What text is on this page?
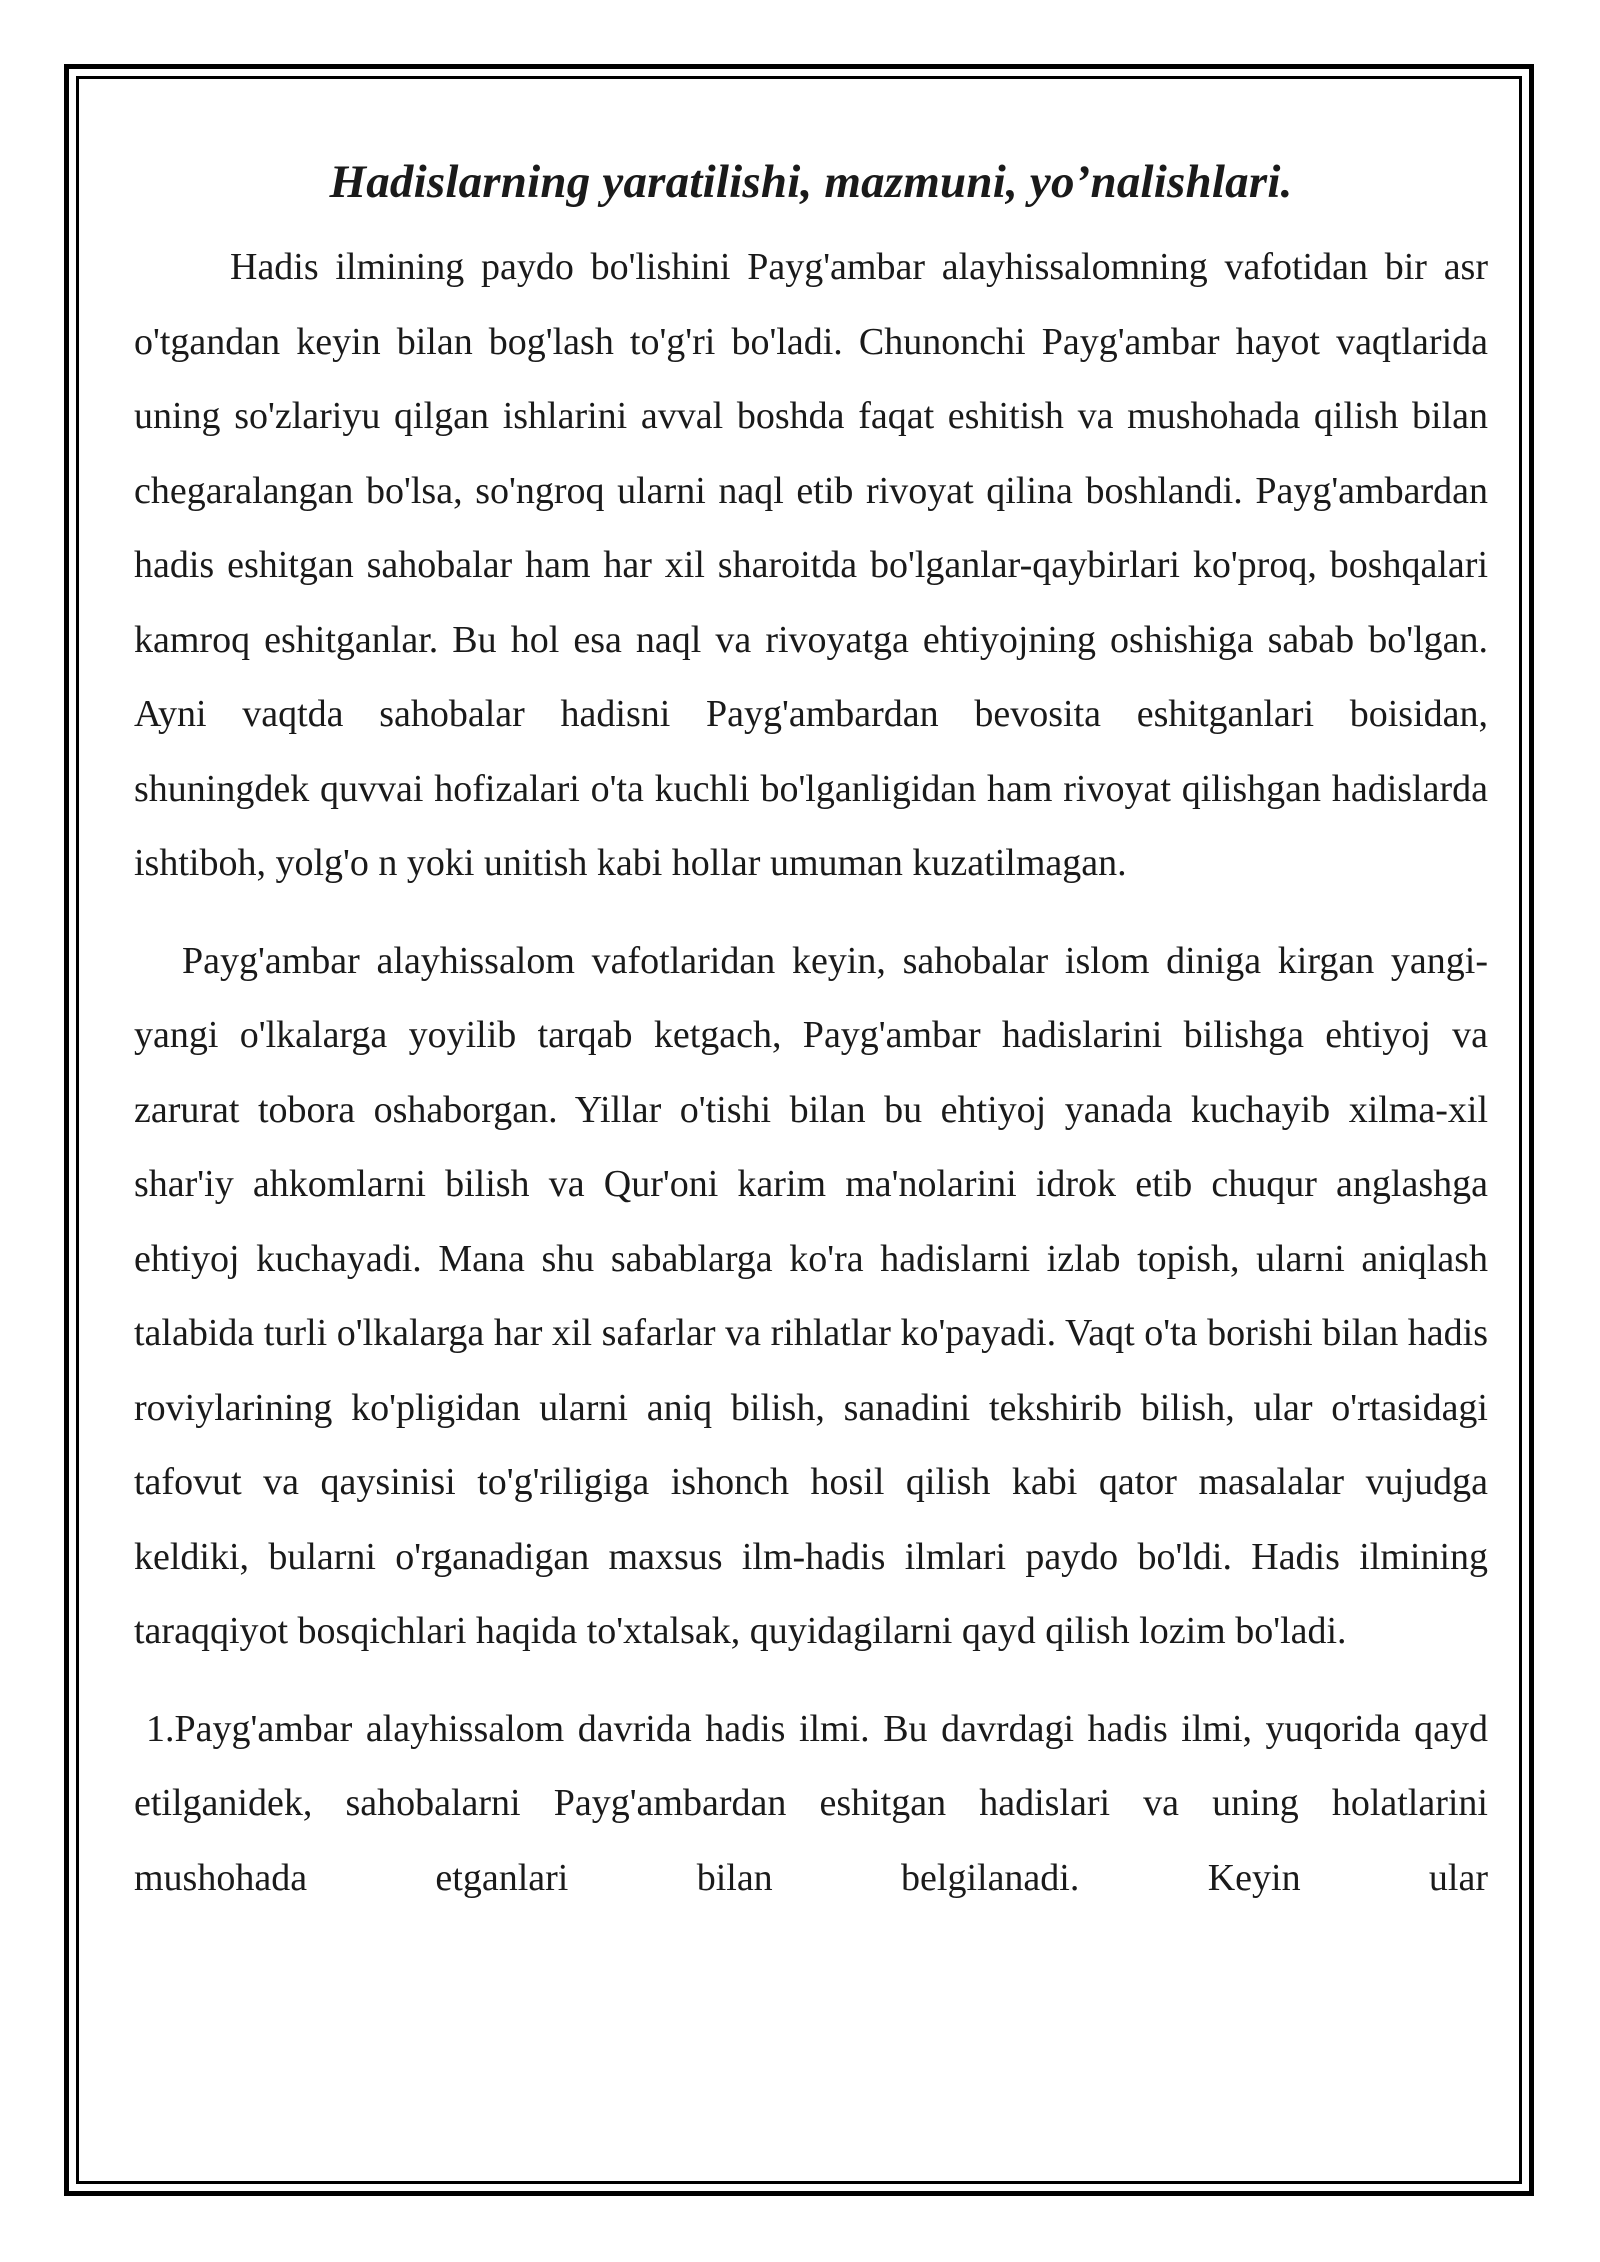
Hadislarning yaratilishi, mazmuni, yo’nalishlari.

Hadis ilmining paydo bo'lishini Payg'ambar alayhissalomning vafotidan bir asr o'tgandan keyin bilan bog'lash to'g'ri bo'ladi. Chunonchi Payg'ambar hayot vaqtlarida uning so'zlariyu qilgan ishlarini avval boshda faqat eshitish va mushohada qilish bilan chegaralangan bo'lsa, so'ngroq ularni naql etib rivoyat qilina boshlandi. Payg'ambardan hadis eshitgan sahobalar ham har xil sharoitda bo'lganlar-qaybirlari ko'proq, boshqalari kamroq eshitganlar. Bu hol esa naql va rivoyatga ehtiyojning oshishiga sabab bo'lgan. Ayni vaqtda sahobalar hadisni Payg'ambardan bevosita eshitganlari boisidan, shuningdek quvvai hofizalari o'ta kuchli bo'lganligidan ham rivoyat qilishgan hadislarda ishtiboh, yolg'o n yoki unitish kabi hollar umuman kuzatilmagan.

Payg'ambar alayhissalom vafotlaridan keyin, sahobalar islom diniga kirgan yangi-yangi o'lkalarga yoyilib tarqab ketgach, Payg'ambar hadislarini bilishga ehtiyoj va zarurat tobora oshaborgan. Yillar o'tishi bilan bu ehtiyoj yanada kuchayib xilma-xil shar'iy ahkomlarni bilish va Qur'oni karim ma'nolarini idrok etib chuqur anglashga ehtiyoj kuchayadi. Mana shu sabablarga ko'ra hadislarni izlab topish, ularni aniqlash talabida turli o'lkalarga har xil safarlar va rihlatlar ko'payadi. Vaqt o'ta borishi bilan hadis roviylarining ko'pligidan ularni aniq bilish, sanadini tekshirib bilish, ular o'rtasidagi tafovut va qaysinisi to'g'riligiga ishonch hosil qilish kabi qator masalalar vujudga keldiki, bularni o'rganadigan maxsus ilm-hadis ilmlari paydo bo'ldi. Hadis ilmining taraqqiyot bosqichlari haqida to'xtalsak, quyidagilarni qayd qilish lozim bo'ladi.

1.Payg'ambar alayhissalom davrida hadis ilmi. Bu davrdagi hadis ilmi, yuqorida qayd etilganidek, sahobalarni Payg'ambardan eshitgan hadislari va uning holatlarini mushohada etganlari bilan belgilanadi. Keyin ular
